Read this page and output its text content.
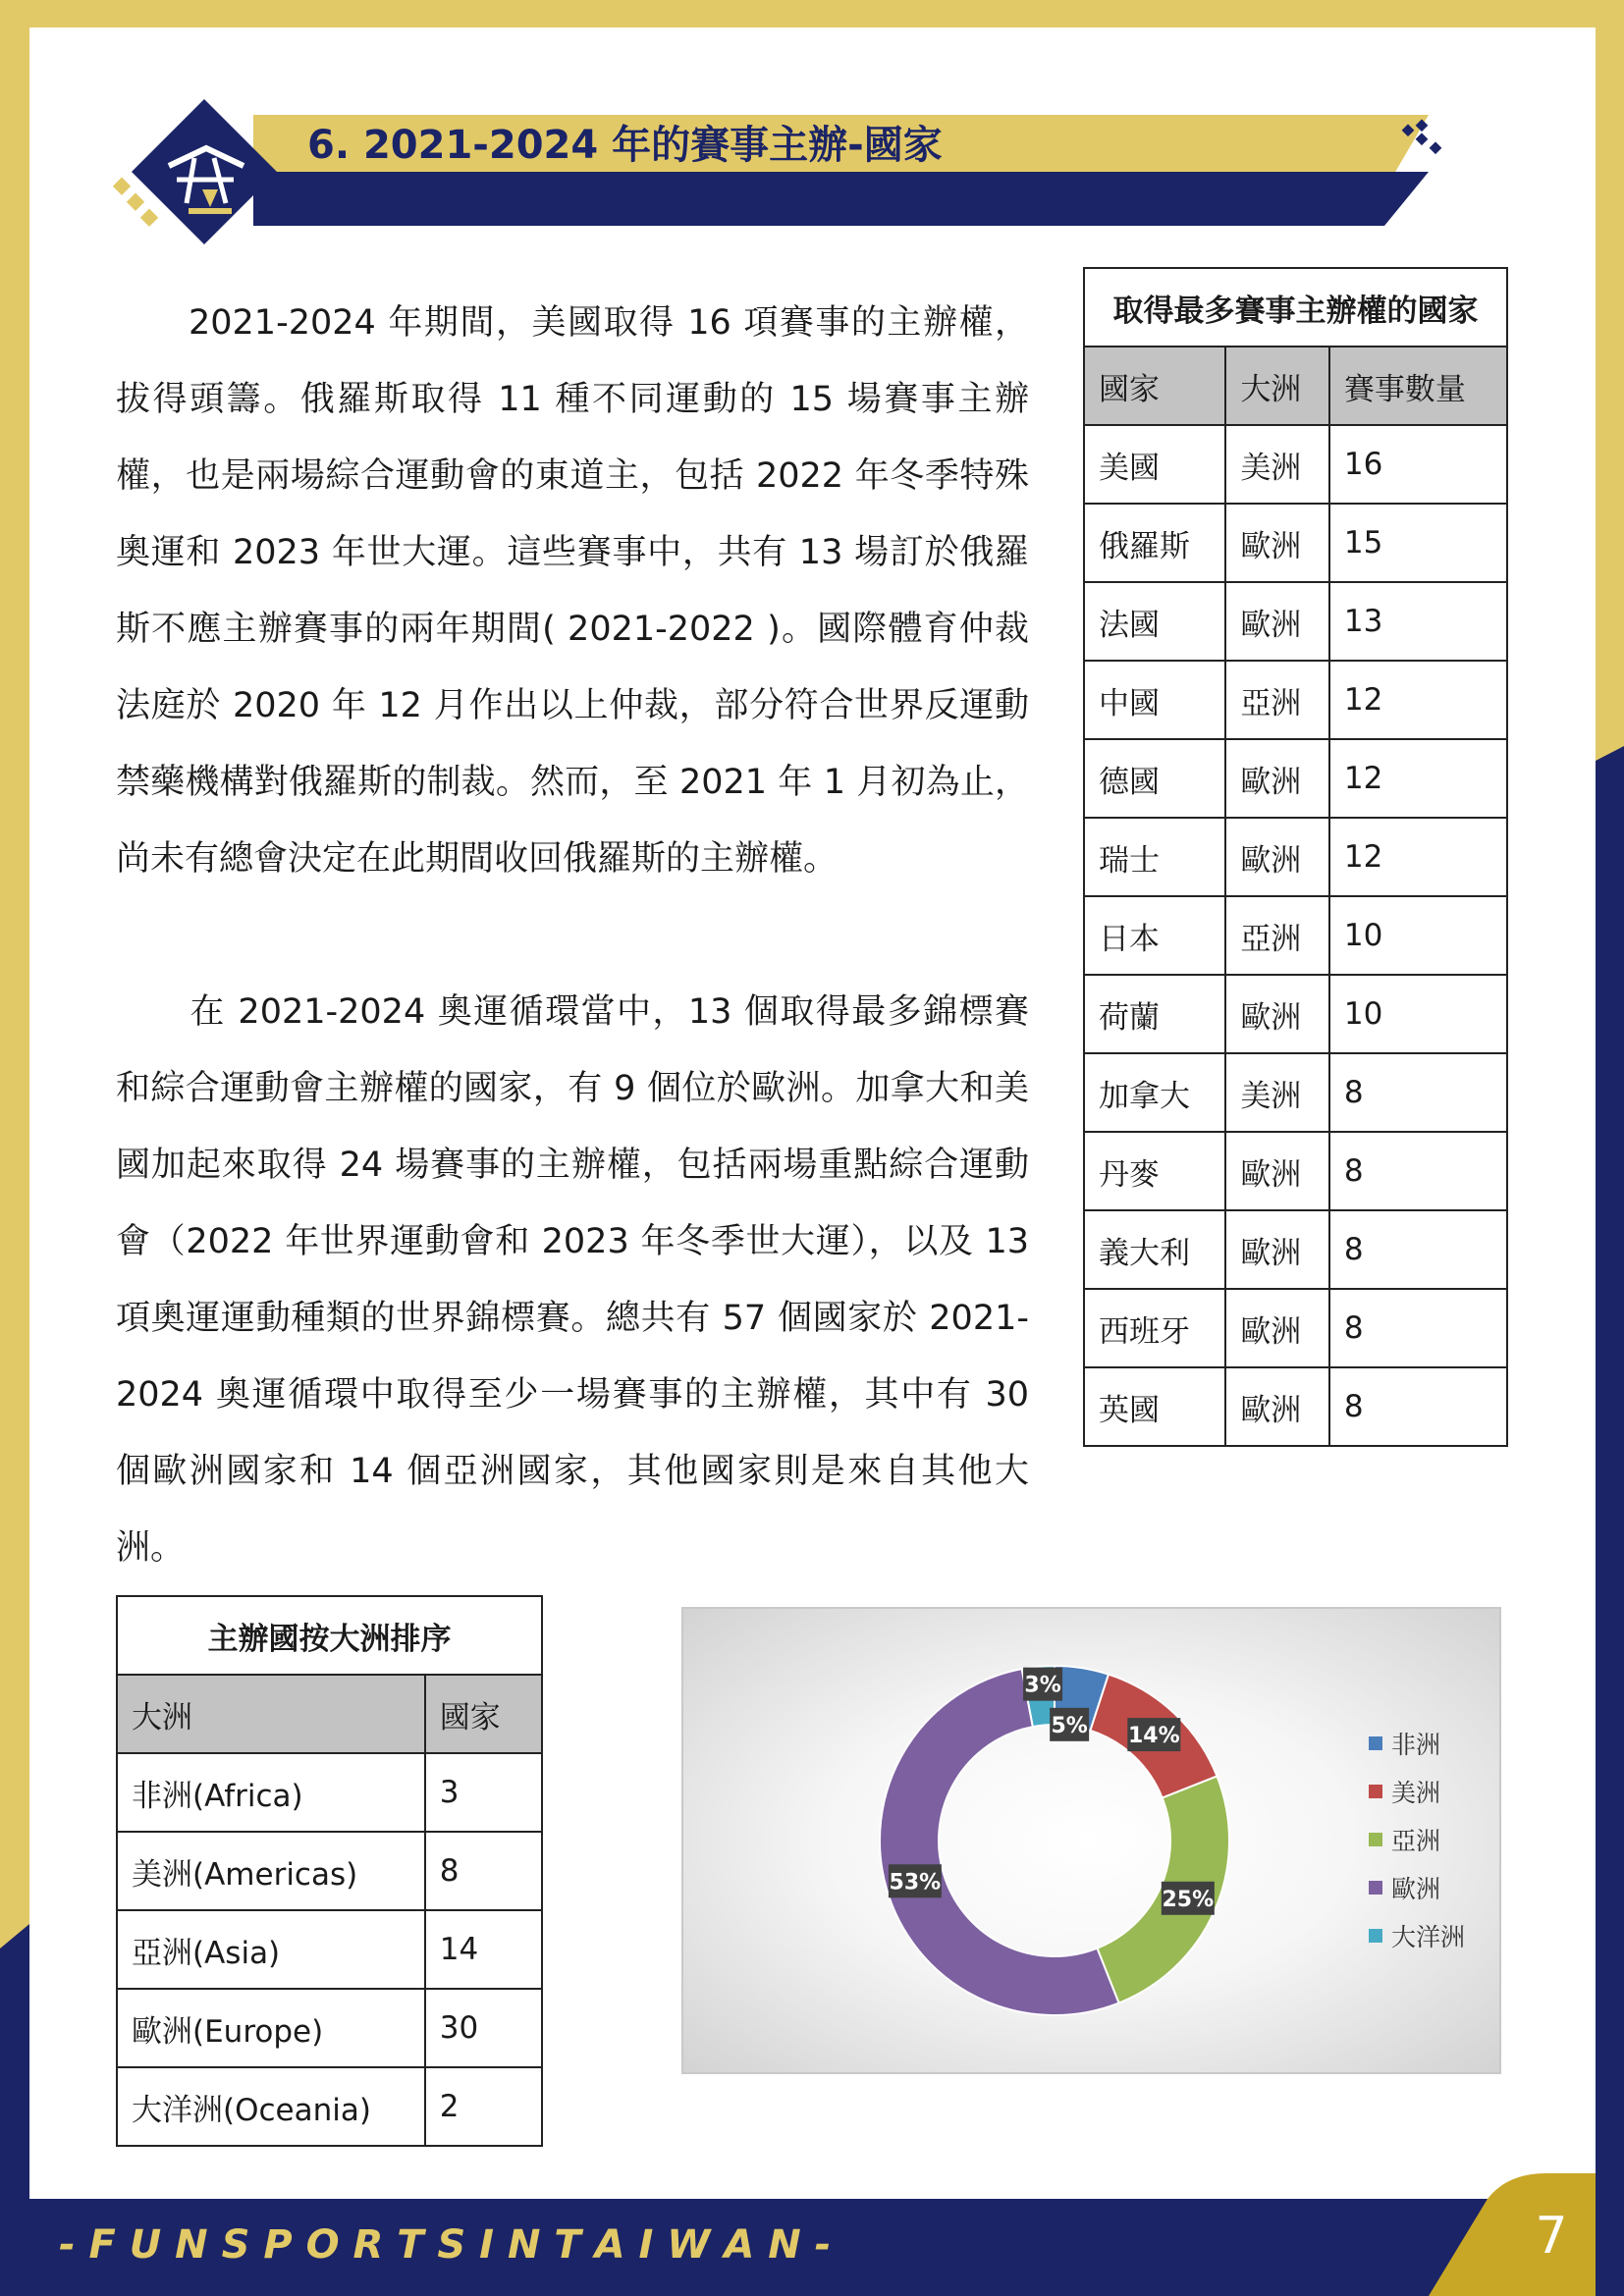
6. 2021-2024 年的賽事主辦-國家

2021-2024 年期間，美國取得 16 項賽事的主辦權，拔得頭籌。俄羅斯取得 11 種不同運動的 15 場賽事主辦權，也是兩場綜合運動會的東道主，包括 2022 年冬季特殊奧運和 2023 年世大運。這些賽事中，共有 13 場訂於俄羅斯不應主辦賽事的兩年期間( 2021-2022 )。國際體育仲裁法庭於 2020 年 12 月作出以上仲裁，部分符合世界反運動禁藥機構對俄羅斯的制裁。然而，至 2021 年 1 月初為止，尚未有總會決定在此期間收回俄羅斯的主辦權。

在 2021-2024 奧運循環當中，13 個取得最多錦標賽和綜合運動會主辦權的國家，有 9 個位於歐洲。加拿大和美國加起來取得 24 場賽事的主辦權，包括兩場重點綜合運動會（2022 年世界運動會和 2023 年冬季世大運），以及 13 項奧運運動種類的世界錦標賽。總共有 57 個國家於 2021-2024 奧運循環中取得至少一場賽事的主辦權，其中有 30 個歐洲國家和 14 個亞洲國家，其他國家則是來自其他大洲。

取得最多賽事主辦權的國家		
國家	大洲	賽事數量
美國	美洲	16
俄羅斯	歐洲	15
法國	歐洲	13
中國	亞洲	12
德國	歐洲	12
瑞士	歐洲	12
日本	亞洲	10
荷蘭	歐洲	10
加拿大	美洲	8
丹麥	歐洲	8
義大利	歐洲	8
西班牙	歐洲	8
英國	歐洲	8
主辦國按大洲排序	
大洲	國家
非洲(Africa)	3
美洲(Americas)	8
亞洲(Asia)	14
歐洲(Europe)	30
大洋洲(Oceania)	2
5% 14%
25%
53%
3%
非洲
美洲
亞洲
歐洲
大洋洲
- F U N S P O R T S I N T A I W A N -	7
